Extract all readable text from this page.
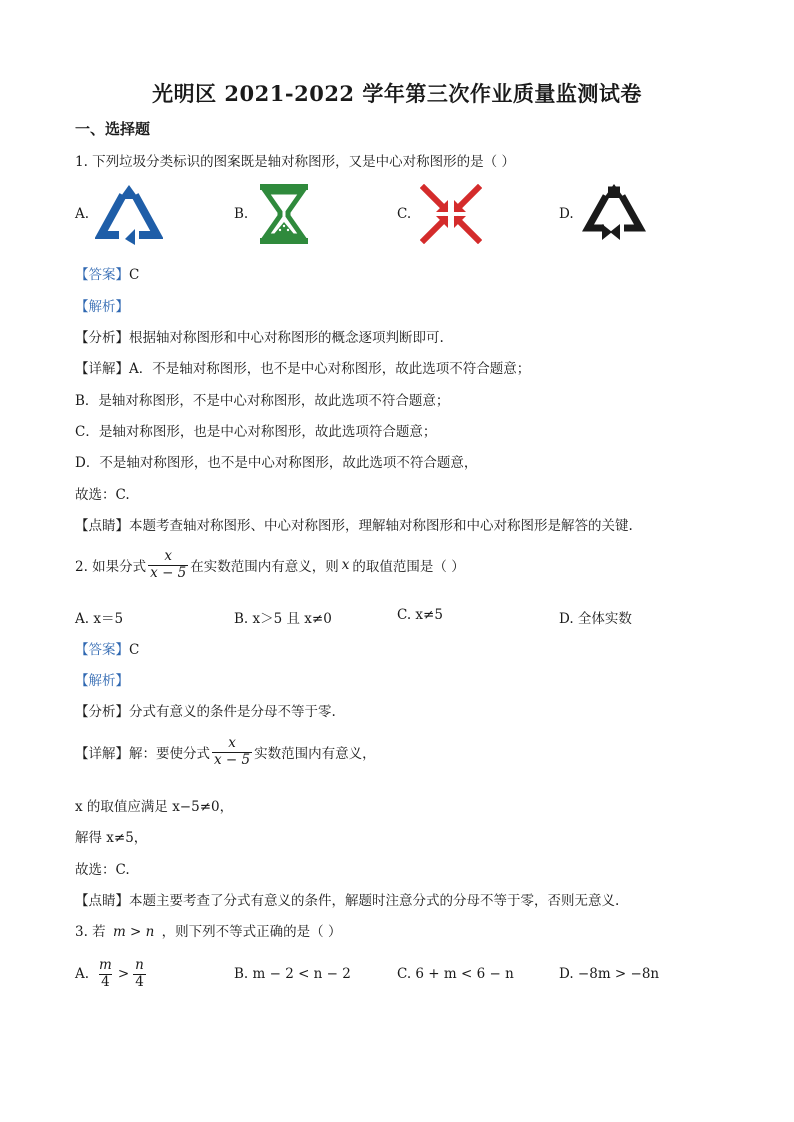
光明区 2021-2022 学年第三次作业质量监测试卷
一、选择题
1. 下列垃圾分类标识的图案既是轴对称图形，又是中心对称图形的是（ ）
A.	B.	C.	D.
【答案】C
【解析】
【分析】根据轴对称图形和中心对称图形的概念逐项判断即可.
【详解】A．不是轴对称图形，也不是中心对称图形，故此选项不符合题意；
B．是轴对称图形，不是中心对称图形，故此选项不符合题意；
C．是轴对称图形，也是中心对称图形，故此选项符合题意；
D．不是轴对称图形，也不是中心对称图形，故此选项不符合题意，
故选：C.
【点睛】本题考查轴对称图形、中心对称图形，理解轴对称图形和中心对称图形是解答的关键.
2. 如果分式 $\frac{x}{x - 5}$ 在实数范围内有意义，则 x 的取值范围是（ ）
A. x＝5	B. x＞5 且 x≠0	C. x≠5	D. 全体实数
【答案】C
【解析】
【分析】分式有意义的条件是分母不等于零.
【详解】 解：要使分式 $\frac{x}{x - 5}$ 实数范围内有意义，
x 的取值应满足 x−5≠0，
解得 x≠5，
故选：C.
【点睛】本题主要考查了分式有意义的条件，解题时注意分式的分母不等于零，否则无意义.
3. 若 m > n ，则下列不等式正确的是（ ）
A. $\frac{m}{4} > \frac{n}{4}$	B. m − 2 < n − 2	C. 6 + m < 6 − n	D. −8m > −8n
